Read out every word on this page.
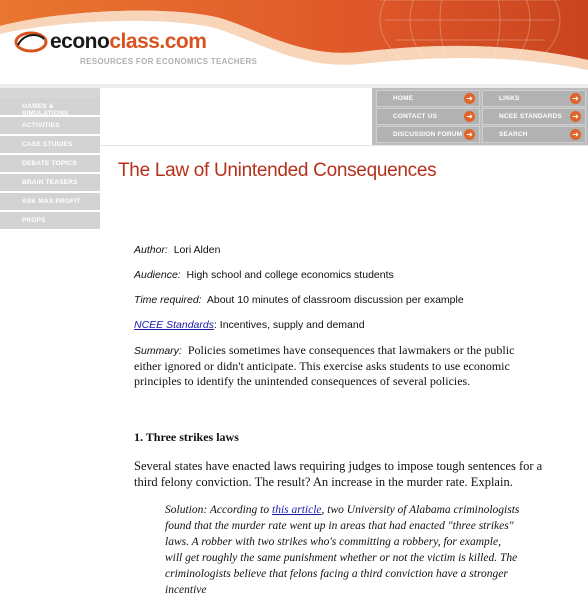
econoclass.com
RESOURCES FOR ECONOMICS TEACHERS
GAMES & SIMULATIONS
ACTIVITIES
CASE STUDIES
DEBATE TOPICS
BRAIN TEASERS
ASK MAX PROFIT
PROPS
HOME	➜	LINKS	➜
CONTACT US	➜	NCEE STANDARDS ➜
DISCUSSION FORUM ➜	SEARCH	➜
The Law of Unintended Consequences
Author: Lori Alden
Audience: High school and college economics students
Time required: About 10 minutes of classroom discussion per example
NCEE Standards: Incentives, supply and demand
Summary: Policies sometimes have consequences that lawmakers or the public either ignored or didn't anticipate. This exercise asks students to use economic principles to identify the unintended consequences of several policies.
1. Three strikes laws
Several states have enacted laws requiring judges to impose tough sentences for a third felony conviction. The result? An increase in the murder rate. Explain.
Solution: According to this article, two University of Alabama criminologists found that the murder rate went up in areas that had enacted "three strikes" laws. A robber with two strikes who's committing a robbery, for example, will get roughly the same punishment whether or not the victim is killed. The criminologists believe that felons facing a third conviction have a stronger incentive
